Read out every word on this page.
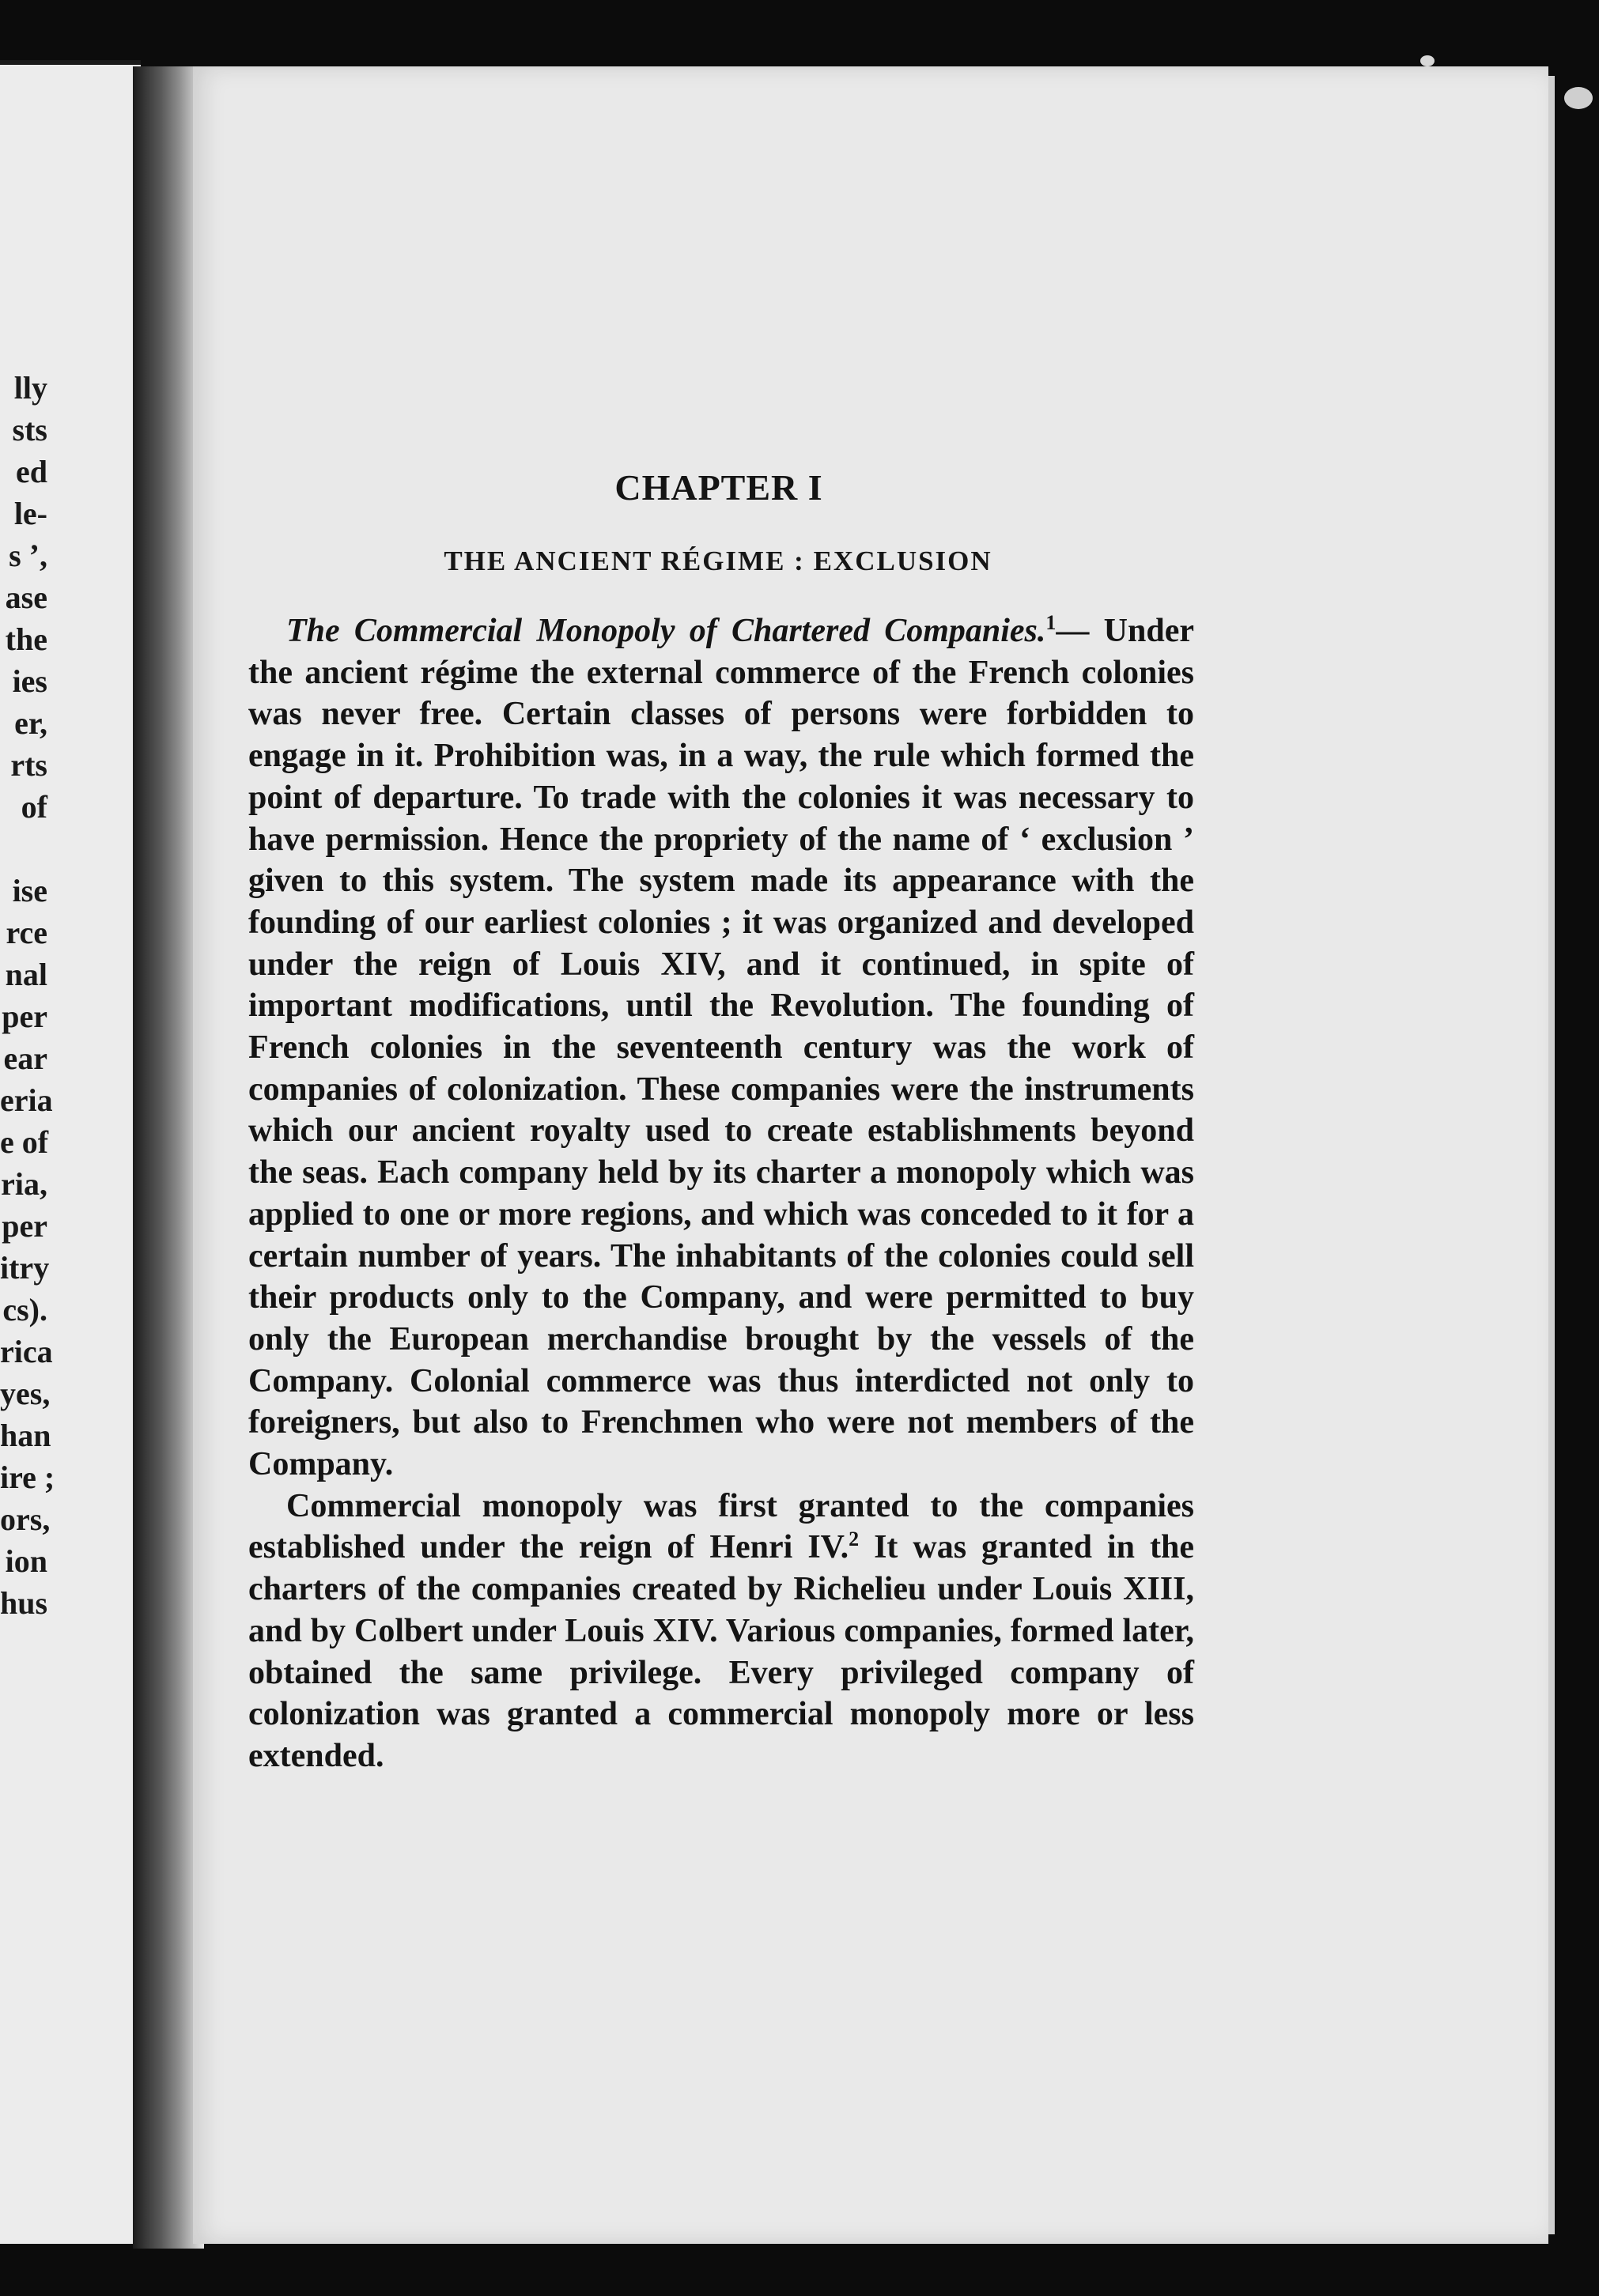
lly
sts
ed
le-
s ’,
ase
the
ies
er,
rts
of
ise
rce
nal
per
ear
eria
e of
ria,
per
itry
cs).
rica
yes,
han
ire ;
ors,
ion
hus
CHAPTER I
THE ANCIENT RÉGIME : EXCLUSION

The Commercial Monopoly of Chartered Companies.$^1$— Under the ancient régime the external commerce of the French colonies was never free. Certain classes of persons were forbidden to engage in it. Prohibition was, in a way, the rule which formed the point of departure. To trade with the colonies it was necessary to have permission. Hence the propriety of the name of ‘ exclusion ’ given to this system. The system made its appearance with the founding of our earliest colonies ; it was organized and developed under the reign of Louis XIV, and it continued, in spite of important modifications, until the Revolution. The founding of French colonies in the seventeenth century was the work of companies of colonization. These companies were the instruments which our ancient royalty used to create establishments beyond the seas. Each company held by its charter a monopoly which was applied to one or more regions, and which was conceded to it for a certain number of years. The inhabitants of the colonies could sell their products only to the Company, and were permitted to buy only the European merchandise brought by the vessels of the Company. Colonial commerce was thus interdicted not only to foreigners, but also to Frenchmen who were not members of the Company.

Commercial monopoly was first granted to the companies established under the reign of Henri IV.$^2$ It was granted in the charters of the companies created by Richelieu under Louis XIII, and by Colbert under Louis XIV. Various companies, formed later, obtained the same privilege. Every privileged company of colonization was granted a commercial monopoly more or less extended.
